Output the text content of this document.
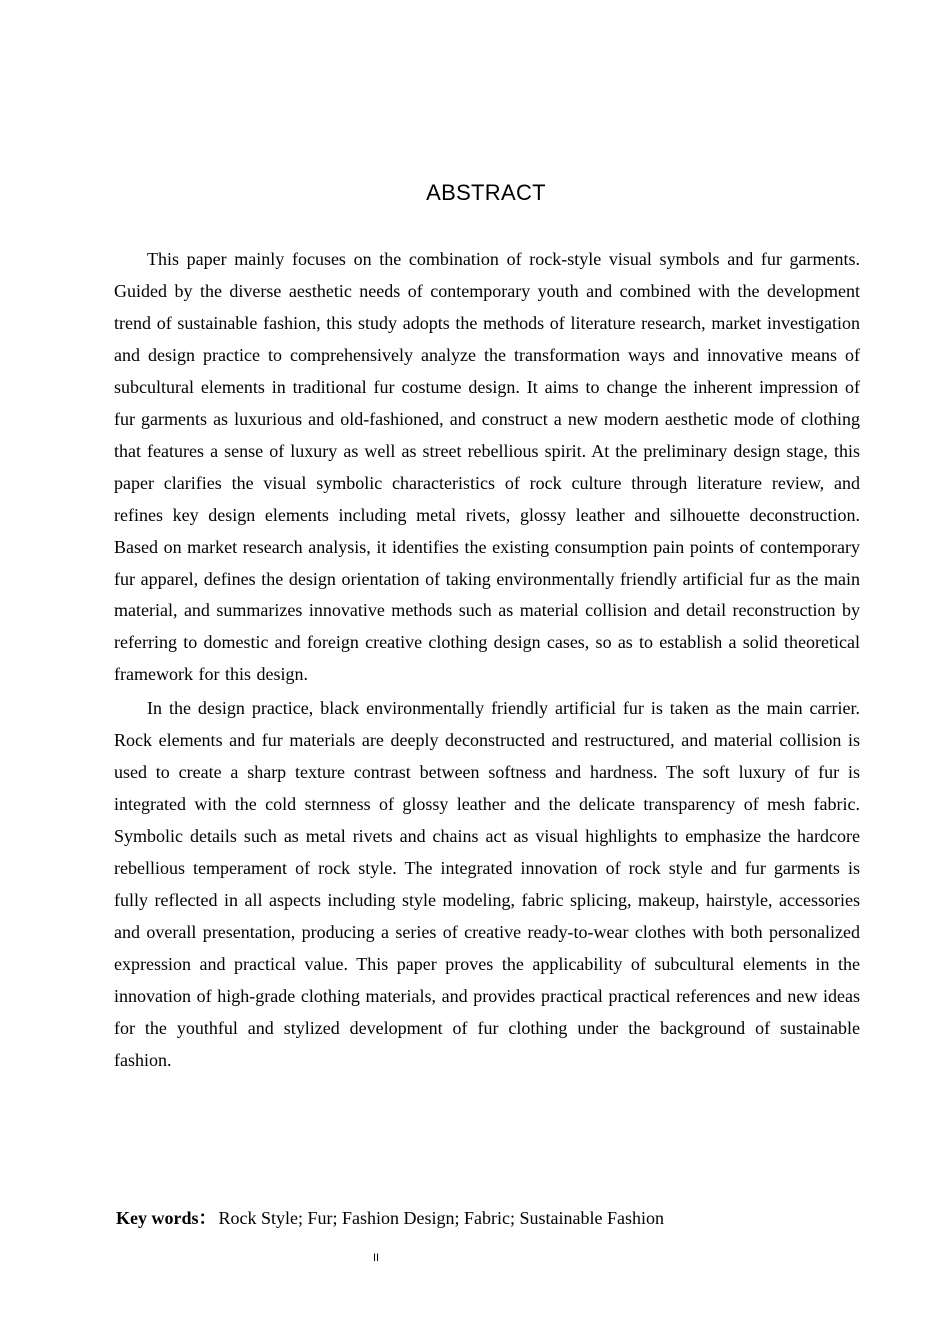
ABSTRACT

This paper mainly focuses on the combination of rock-style visual symbols and fur garments. Guided by the diverse aesthetic needs of contemporary youth and combined with the development trend of sustainable fashion, this study adopts the methods of literature research, market investigation and design practice to comprehensively analyze the transformation ways and innovative means of subcultural elements in traditional fur costume design. It aims to change the inherent impression of fur garments as luxurious and old-fashioned, and construct a new modern aesthetic mode of clothing that features a sense of luxury as well as street rebellious spirit. At the preliminary design stage, this paper clarifies the visual symbolic characteristics of rock culture through literature review, and refines key design elements including metal rivets, glossy leather and silhouette deconstruction. Based on market research analysis, it identifies the existing consumption pain points of contemporary fur apparel, defines the design orientation of taking environmentally friendly artificial fur as the main material, and summarizes innovative methods such as material collision and detail reconstruction by referring to domestic and foreign creative clothing design cases, so as to establish a solid theoretical framework for this design.

In the design practice, black environmentally friendly artificial fur is taken as the main carrier. Rock elements and fur materials are deeply deconstructed and restructured, and material collision is used to create a sharp texture contrast between softness and hardness. The soft luxury of fur is integrated with the cold sternness of glossy leather and the delicate transparency of mesh fabric. Symbolic details such as metal rivets and chains act as visual highlights to emphasize the hardcore rebellious temperament of rock style. The integrated innovation of rock style and fur garments is fully reflected in all aspects including style modeling, fabric splicing, makeup, hairstyle, accessories and overall presentation, producing a series of creative ready-to-wear clothes with both personalized expression and practical value. This paper proves the applicability of subcultural elements in the innovation of high-grade clothing materials, and provides practical practical references and new ideas for the youthful and stylized development of fur clothing under the background of sustainable fashion.

Key words： Rock Style; Fur; Fashion Design; Fabric; Sustainable Fashion
II
